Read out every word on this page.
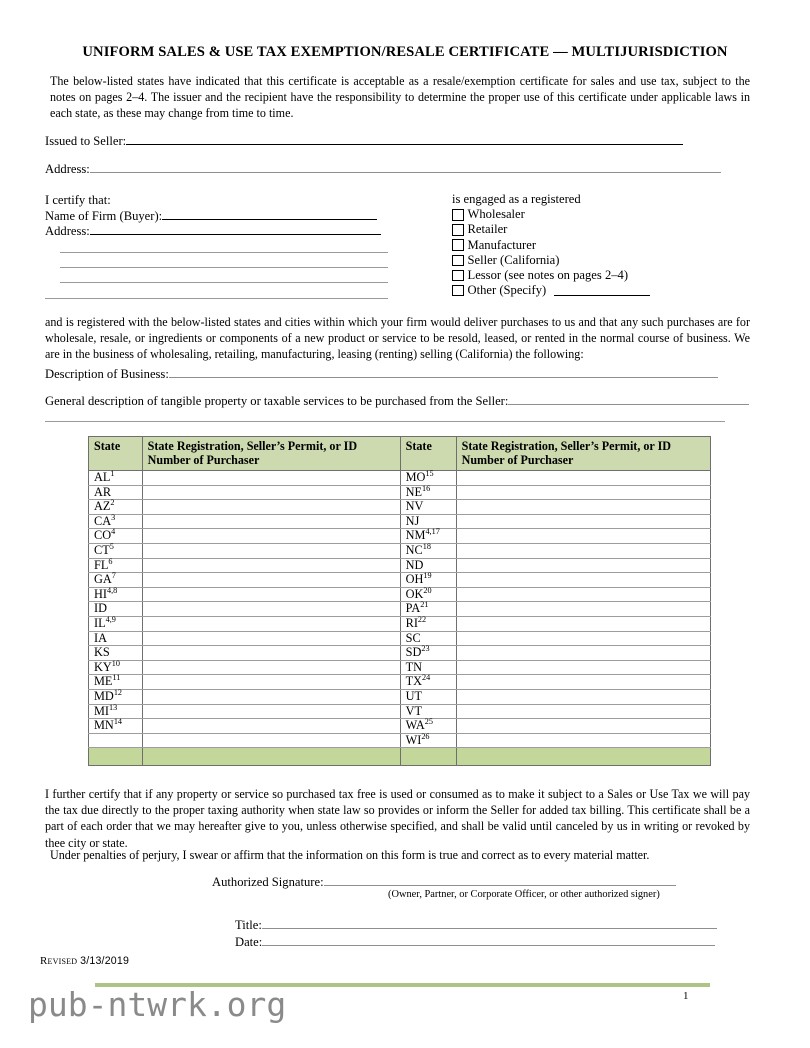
UNIFORM SALES & USE TAX EXEMPTION/RESALE CERTIFICATE — MULTIJURISDICTION
The below-listed states have indicated that this certificate is acceptable as a resale/exemption certificate for sales and use tax, subject to the notes on pages 2–4. The issuer and the recipient have the responsibility to determine the proper use of this certificate under applicable laws in each state, as these may change from time to time.
Issued to Seller:
Address:
I certify that:
Name of Firm (Buyer):
Address:
is engaged as a registered
Wholesaler
Retailer
Manufacturer
Seller (California)
Lessor (see notes on pages 2–4)
Other (Specify)
and is registered with the below-listed states and cities within which your firm would deliver purchases to us and that any such purchases are for wholesale, resale, or ingredients or components of a new product or service to be resold, leased, or rented in the normal course of business. We are in the business of wholesaling, retailing, manufacturing, leasing (renting) selling (California) the following:
Description of Business:
General description of tangible property or taxable services to be purchased from the Seller:
State	State Registration, Seller’s Permit, or ID Number of Purchaser	State	State Registration, Seller’s Permit, or ID Number of Purchaser
$AL^1$		MO$^{15}$	
AR		NE$^{16}$	
$AZ^2$		NV	
$CA^3$		NJ	
$CO^4$		NM$^{4,17}$	
$CT^5$		NC$^{18}$	
$FL^6$		ND	
$GA^7$		OH$^{19}$	
HI$^{4,8}$		OK$^{20}$	
ID		PA$^{21}$	
IL$^{4,9}$		RI$^{22}$	
IA		SC	
KS		SD$^{23}$	
KY$^{10}$		TN	
ME$^{11}$		TX$^{24}$	
MD$^{12}$		UT	
MI$^{13}$		VT	
MN$^{14}$		WA$^{25}$	
		WI$^{26}$	

I further certify that if any property or service so purchased tax free is used or consumed as to make it subject to a Sales or Use Tax we will pay the tax due directly to the proper taxing authority when state law so provides or inform the Seller for added tax billing. This certificate shall be a part of each order that we may hereafter give to you, unless otherwise specified, and shall be valid until canceled by us in writing or revoked by thee city or state.
Under penalties of perjury, I swear or affirm that the information on this form is true and correct as to every material matter.
Authorized Signature:
(Owner, Partner, or Corporate Officer, or other authorized signer)
Title:
Date:
Revised 3/13/2019
1
pub-ntwrk.org
